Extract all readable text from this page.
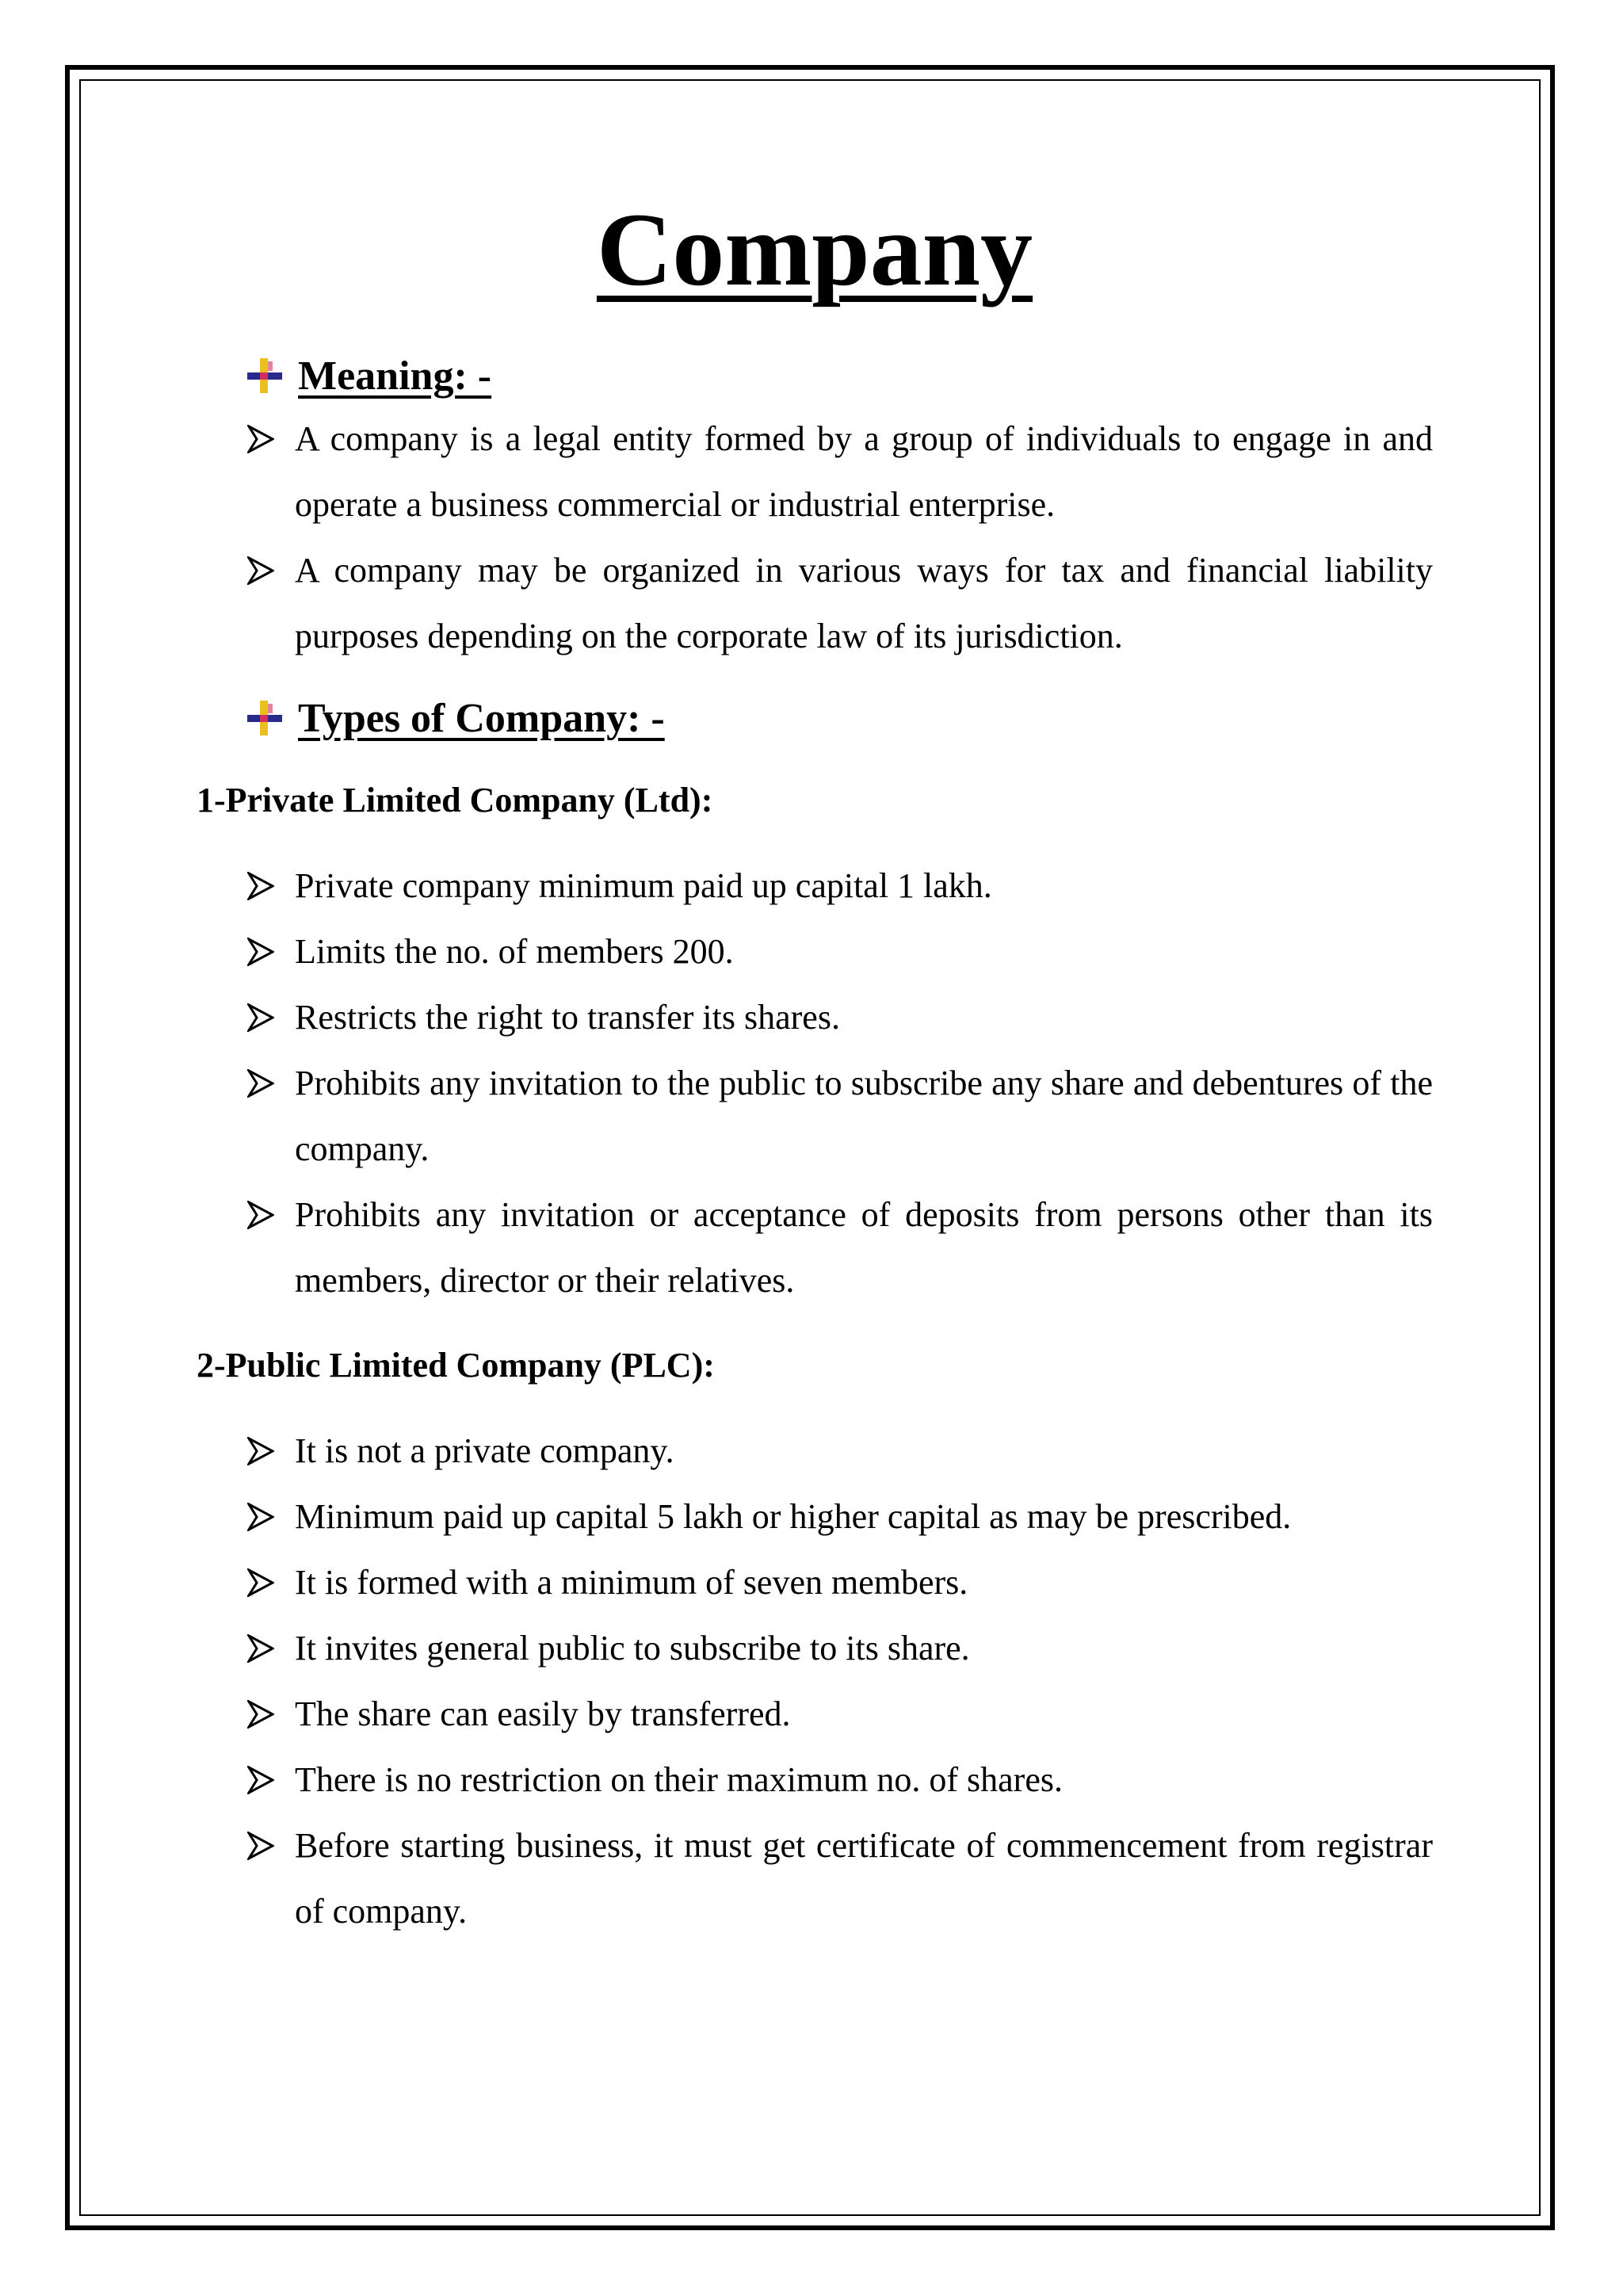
Company
Meaning: -
A company is a legal entity formed by a group of individuals to engage in and operate a business commercial or industrial enterprise.
A company may be organized in various ways for tax and financial liability purposes depending on the corporate law of its jurisdiction.
Types of Company: -
1-Private Limited Company (Ltd):
Private company minimum paid up capital 1 lakh.
Limits the no. of members 200.
Restricts the right to transfer its shares.
Prohibits any invitation to the public to subscribe any share and debentures of the company.
Prohibits any invitation or acceptance of deposits from persons other than its members, director or their relatives.
2-Public Limited Company (PLC):
It is not a private company.
Minimum paid up capital 5 lakh or higher capital as may be prescribed.
It is formed with a minimum of seven members.
It invites general public to subscribe to its share.
The share can easily by transferred.
There is no restriction on their maximum no. of shares.
Before starting business, it must get certificate of commencement from registrar of company.
